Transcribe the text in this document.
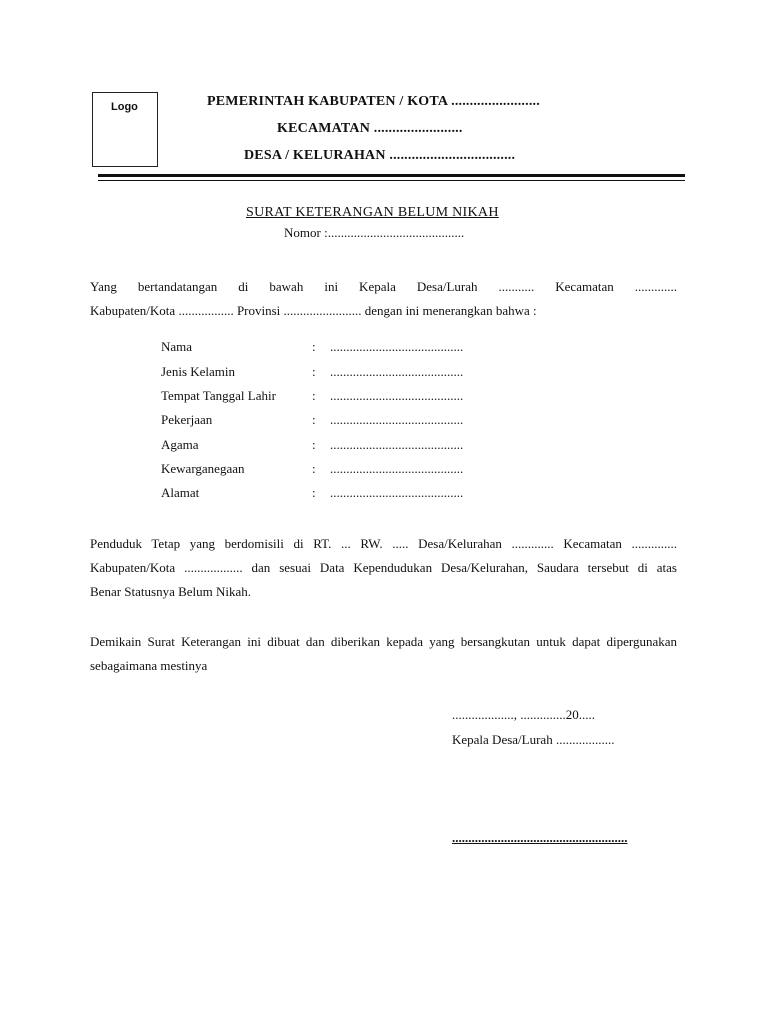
Logo	PEMERINTAH KABUPATEN / KOTA ........................
KECAMATAN ........................
DESA / KELURAHAN ..................................
SURAT KETERANGAN BELUM NIKAH
Nomor :..........................................
Yang bertandatangan di bawah ini Kepala Desa/Lurah ........... Kecamatan .............
Kabupaten/Kota ................. Provinsi ........................ dengan ini menerangkan bahwa :
Nama	: .........................................
Jenis Kelamin	: .........................................
Tempat Tanggal Lahir	: .........................................
Pekerjaan	: .........................................
Agama	: .........................................
Kewarganegaan	: .........................................
Alamat	: .........................................
Penduduk Tetap yang berdomisili di RT. ... RW. ..... Desa/Kelurahan ............. Kecamatan ..............
Kabupaten/Kota .................. dan sesuai Data Kependudukan Desa/Kelurahan, Saudara tersebut di atas
Benar Statusnya Belum Nikah.
Demikain Surat Keterangan ini dibuat dan diberikan kepada yang bersangkutan untuk dapat dipergunakan
sebagaimana mestinya
..................., ..............20.....
Kepala Desa/Lurah ..................
......................................................
